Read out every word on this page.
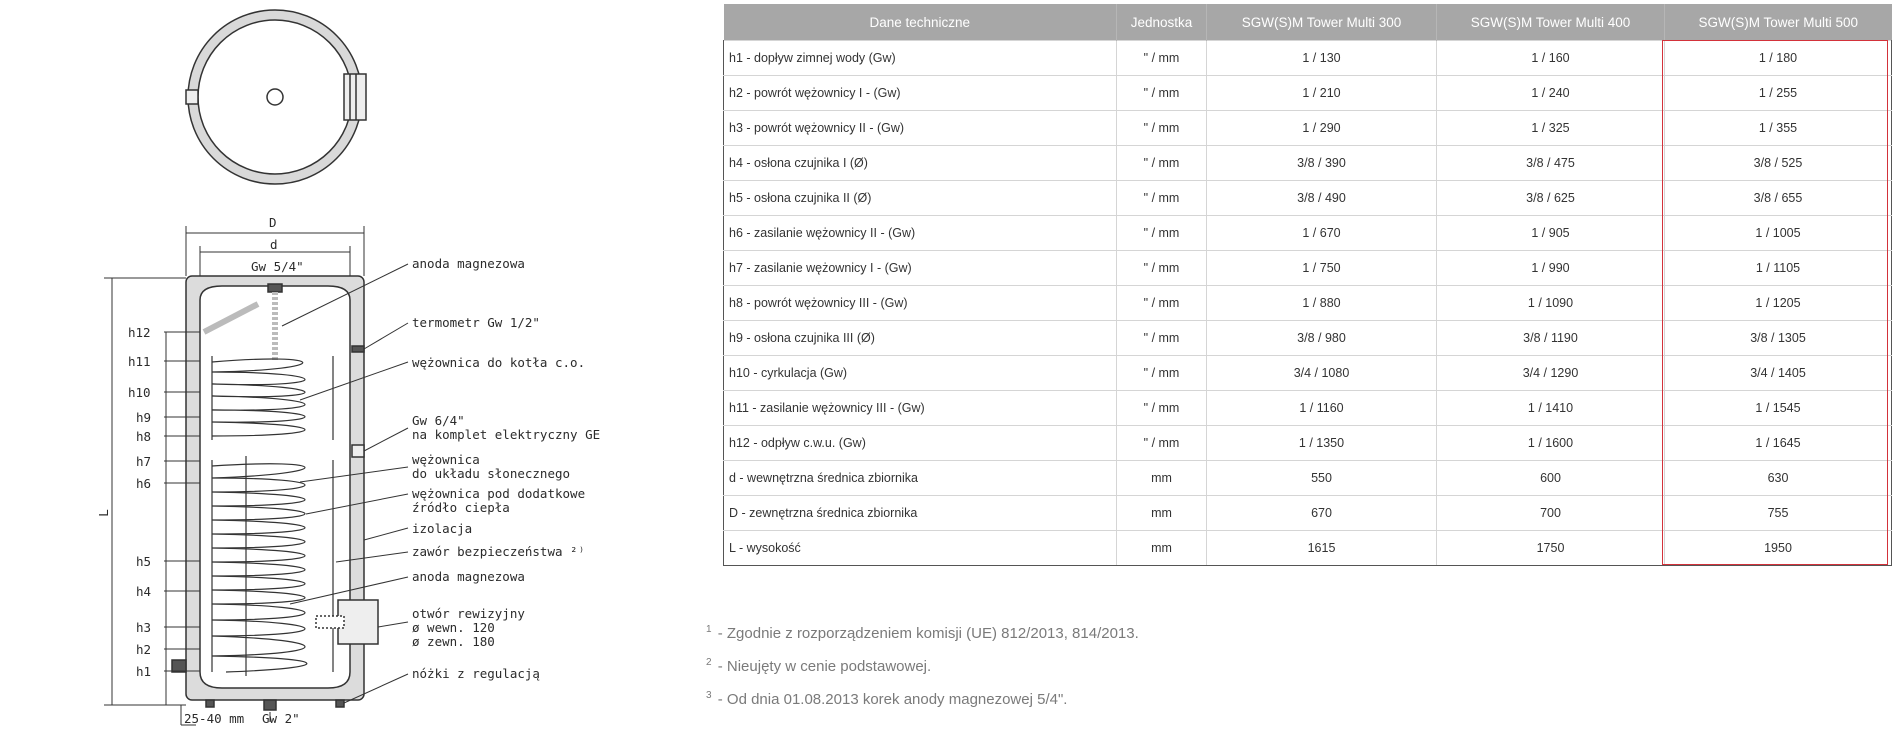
D
d
Gw 5/4"
L
25-40 mm Gw 2"
h12
h11
h10
h9
h8
h7
h6
h5
h4
h3
h2
h1
anoda magnezowa
termometr Gw 1/2"
wężownica do kotła c.o.
Gw 6/4"
na komplet elektryczny GE
wężownica
do układu słonecznego
wężownica pod dodatkowe
źródło ciepła
izolacja
zawór bezpieczeństwa ²⁾
anoda magnezowa
otwór rewizyjny
ø wewn. 120
ø zewn. 180
nóżki z regulacją
Dane techniczne	Jednostka	SGW(S)M Tower Multi 300	SGW(S)M Tower Multi 400	SGW(S)M Tower Multi 500
h1 - dopływ zimnej wody (Gw)	" / mm	1 / 130	1 / 160	1 / 180
h2 - powrót wężownicy I - (Gw)	" / mm	1 / 210	1 / 240	1 / 255
h3 - powrót wężownicy II - (Gw)	" / mm	1 / 290	1 / 325	1 / 355
h4 - osłona czujnika I (Ø)	" / mm	3/8 / 390	3/8 / 475	3/8 / 525
h5 - osłona czujnika II (Ø)	" / mm	3/8 / 490	3/8 / 625	3/8 / 655
h6 - zasilanie wężownicy II - (Gw)	" / mm	1 / 670	1 / 905	1 / 1005
h7 - zasilanie wężownicy I - (Gw)	" / mm	1 / 750	1 / 990	1 / 1105
h8 - powrót wężownicy III - (Gw)	" / mm	1 / 880	1 / 1090	1 / 1205
h9 - osłona czujnika III (Ø)	" / mm	3/8 / 980	3/8 / 1190	3/8 / 1305
h10 - cyrkulacja (Gw)	" / mm	3/4 / 1080	3/4 / 1290	3/4 / 1405
h11 - zasilanie wężownicy III - (Gw)	" / mm	1 / 1160	1 / 1410	1 / 1545
h12 - odpływ c.w.u. (Gw)	" / mm	1 / 1350	1 / 1600	1 / 1645
d - wewnętrzna średnica zbiornika	mm	550	600	630
D - zewnętrzna średnica zbiornika	mm	670	700	755
L - wysokość	mm	1615	1750	1950
$^1$ - Zgodnie z rozporządzeniem komisji (UE) 812/2013, 814/2013.
$^2$ - Nieujęty w cenie podstawowej.
$^3$ - Od dnia 01.08.2013 korek anody magnezowej 5/4".
